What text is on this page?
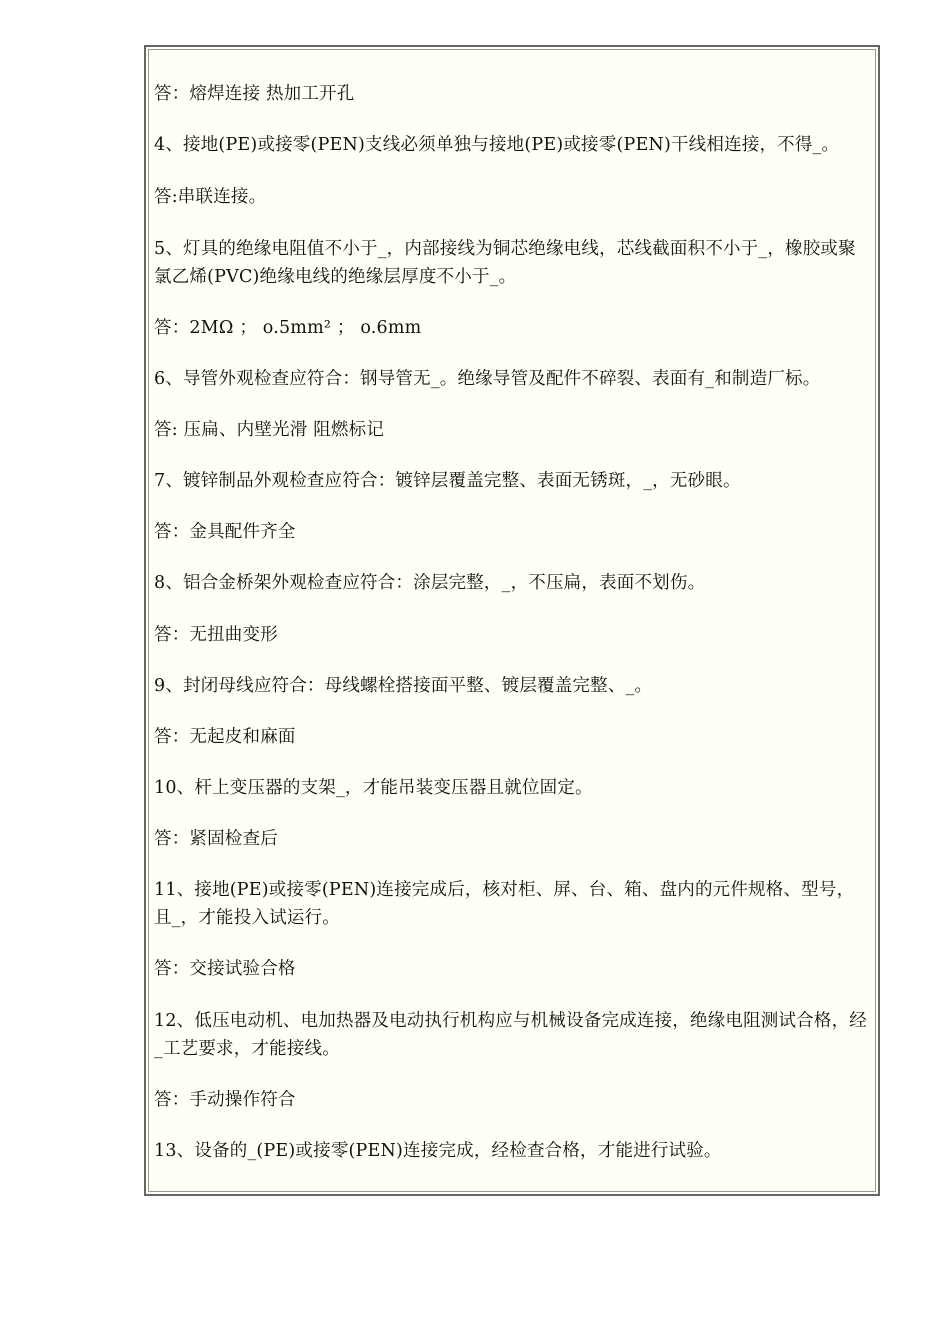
答：熔焊连接 热加工开孔

4、接地(PE)或接零(PEN)支线必须单独与接地(PE)或接零(PEN)干线相连接，不得_。

答:串联连接。

5、灯具的绝缘电阻值不小于_，内部接线为铜芯绝缘电线，芯线截面积不小于_，橡胶或聚氯乙烯(PVC)绝缘电线的绝缘层厚度不小于_。

答：2MΩ ； o.5mm² ； o.6mm

6、导管外观检查应符合：钢导管无_。绝缘导管及配件不碎裂、表面有_和制造厂标。

答: 压扁、内壁光滑 阻燃标记

7、镀锌制品外观检查应符合：镀锌层覆盖完整、表面无锈斑，_，无砂眼。

答：金具配件齐全

8、铝合金桥架外观检查应符合：涂层完整，_，不压扁，表面不划伤。

答：无扭曲变形

9、封闭母线应符合：母线螺栓搭接面平整、镀层覆盖完整、_。

答：无起皮和麻面

10、杆上变压器的支架_，才能吊装变压器且就位固定。

答：紧固检查后

11、接地(PE)或接零(PEN)连接完成后，核对柜、屏、台、箱、盘内的元件规格、型号，且_，才能投入试运行。

答：交接试验合格

12、低压电动机、电加热器及电动执行机构应与机械设备完成连接，绝缘电阻测试合格，经_工艺要求，才能接线。

答：手动操作符合

13、设备的_(PE)或接零(PEN)连接完成，经检查合格，才能进行试验。
